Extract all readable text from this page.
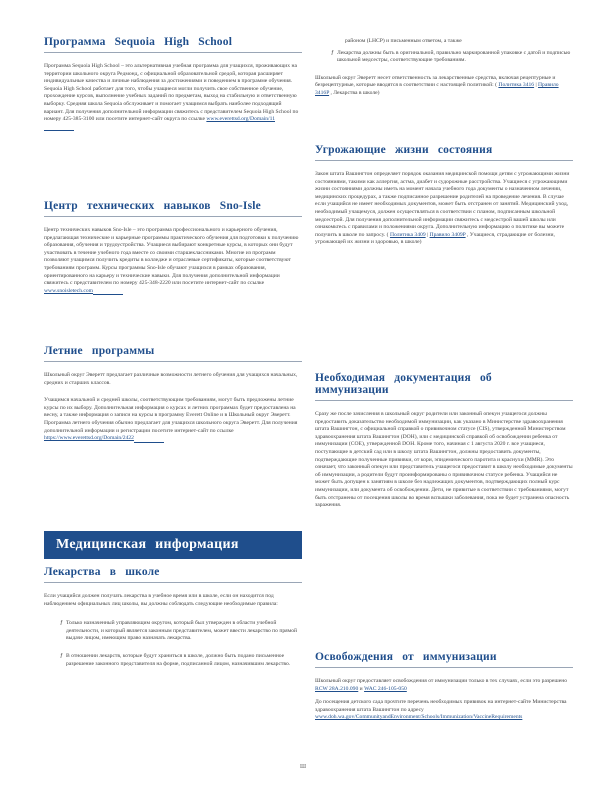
Программа Sequoia High School

Программа Sequoia High School – это альтернативная учебная программа для учащихся, проживающих на территории школьного округа Редмонд, с официальной образовательной средой, которая расширяет индивидуальные качества и личные наблюдения за достижениями и поведением в программе обучения. Sequoia High School работает для того, чтобы учащиеся могли получить свое собственное обучение, прохождение курсов, выполнение учебных заданий по предметам, выход на стабильную и ответственную выборку. Средняя школа Sequoia обслуживает и помогает учащимся выбрать наиболее подходящий вариант. Для получения дополнительной информации свяжитесь с представителем Sequoia High School по номеру 425-385-3100 или посетите интернет-сайт округа по ссылке www.everettsd.org/Domain/11

Центр технических навыков Sno-Isle

Центр технических навыков Sno-Isle – это программа профессионального и карьерного обучения, предлагающая технические и карьерные программы практического обучения для подготовки к получению образования, обучения и трудоустройства. Учащиеся выбирают конкретные курсы, в которых они будут участвовать в течение учебного года вместе со своими старшеклассниками. Многие из программ позволяют учащимся получить кредиты в колледже и отраслевые сертификаты, которые соответствуют требованиям программ. Курсы программы Sno-Isle обучают учащихся в рамках образования, ориентированного на карьеру и технические навыки. Для получения дополнительной информации свяжитесь с представителем по номеру 425-348-2220 или посетите интернет-сайт по ссылке www.snoisletech.com

Летние программы

Школьный округ Эверетт предлагает различные возможности летнего обучения для учащихся начальных, средних и старших классов.

Учащимся начальной и средней школы, соответствующим требованиям, могут быть предложены летние курсы по их выбору. Дополнительная информация о курсах и летних программах будет предоставлена на весну, а также информация о записи на курсы в программу Everett Online и в Школьный округ Эверетт. Программа летнего обучения обычно предлагает для учащихся школьного округа Эверетт. Для получения дополнительной информации и регистрации посетите интернет-сайт по ссылке https://www.everettsd.org/Domain/2422

Медицинская информация
Лекарства в школе

Если учащийся должен получать лекарства в учебное время или в школе, если он находится под наблюдением официальных лиц школы, вы должны соблюдать следующие необходимые правила:

ƒ Только назначенный управляющим округом, который был утвержден в области учебной деятельности, и который является законным представителем, может ввести лекарство по прямой выдаче лицом, имеющим право назначать лекарства.

ƒ В отношении лекарств, которые будут храниться в школе, должно быть подано письменное разрешение законного представителя на форме, подписанной лицом, назначившим лекарство.

районом (LHCP) и письменным ответом, а также

ƒ Лекарства должны быть в оригинальной, правильно маркированной упаковке с датой и подписью школьной медсестры, соответствующие требованиям.

Школьный округ Эверетт несет ответственность за лекарственные средства, включая рецептурные и безрецептурные, которые вводятся в соответствии с настоящей политикой: ( Политика 3416 | Правило 3416P , Лекарства в школе)

Угрожающие жизни состояния

Закон штата Вашингтон определяет порядок оказания медицинской помощи детям с угрожающими жизни состояниями, такими как аллергия, астма, диабет и судорожные расстройства. Учащиеся с угрожающими жизни состояниями должны иметь на момент начала учебного года документы о назначенном лечении, медицинских процедурах, а также подписанное разрешение родителей на проведение лечения. В случае если учащийся не имеет необходимых документов, может быть отстранен от занятий. Медицинский уход, необходимый учащемуся, должен осуществляться в соответствии с планом, подписанным школьной медсестрой. Для получения дополнительной информации свяжитесь с медсестрой вашей школы или ознакомьтесь с правилами и положениями округа. Дополнительную информацию о политике вы можете получить в школе по запросу. ( Политика 3409 | Правило 3409P , Учащиеся, страдающие от болезни, угрожающей их жизни и здоровью, в школе)

Необходимая документация об иммунизации

Сразу же после зачисления в школьный округ родители или законный опекун учащегося должны предоставить доказательство необходимой иммунизации, как указано в Министерстве здравоохранения штата Вашингтон, с официальной справкой о прививочном статусе (CIS), утвержденной Министерством здравоохранения штата Вашингтон (DOH), или с медицинской справкой об освобождении ребенка от иммунизации (COE), утвержденной DOH. Кроме того, начиная с 1 августа 2020 г. все учащиеся, поступающие в детский сад или в школу штата Вашингтон, должны предоставить документы, подтверждающие полученные прививки, от кори, эпидемического паротита и краснухи (MMR). Это означает, что законный опекун или представитель учащегося предоставит в школу необходимые документы об иммунизации, а родители будут проинформированы о прививочном статусе ребенка. Учащийся не может быть допущен к занятиям в школе без надлежащих документов, подтверждающих полный курс иммунизации, или документа об освобождении. Дети, не привитые в соответствии с требованиями, могут быть отстранены от посещения школы во время вспышки заболевания, пока не будет устранена опасность заражения.

Освобождения от иммунизации

Школьный округ предоставляет освобождения от иммунизации только в тех случаях, если это разрешено RCW 28A.210.090 и WAC 246-105-050

До посещения детского сада прочтите перечень необходимых прививок на интернет-сайте Министерства здравоохранения штата Вашингтон по адресу www.doh.wa.gov/CommunityandEnvironment/Schools/Immunization/VaccineRequirements

Ш
